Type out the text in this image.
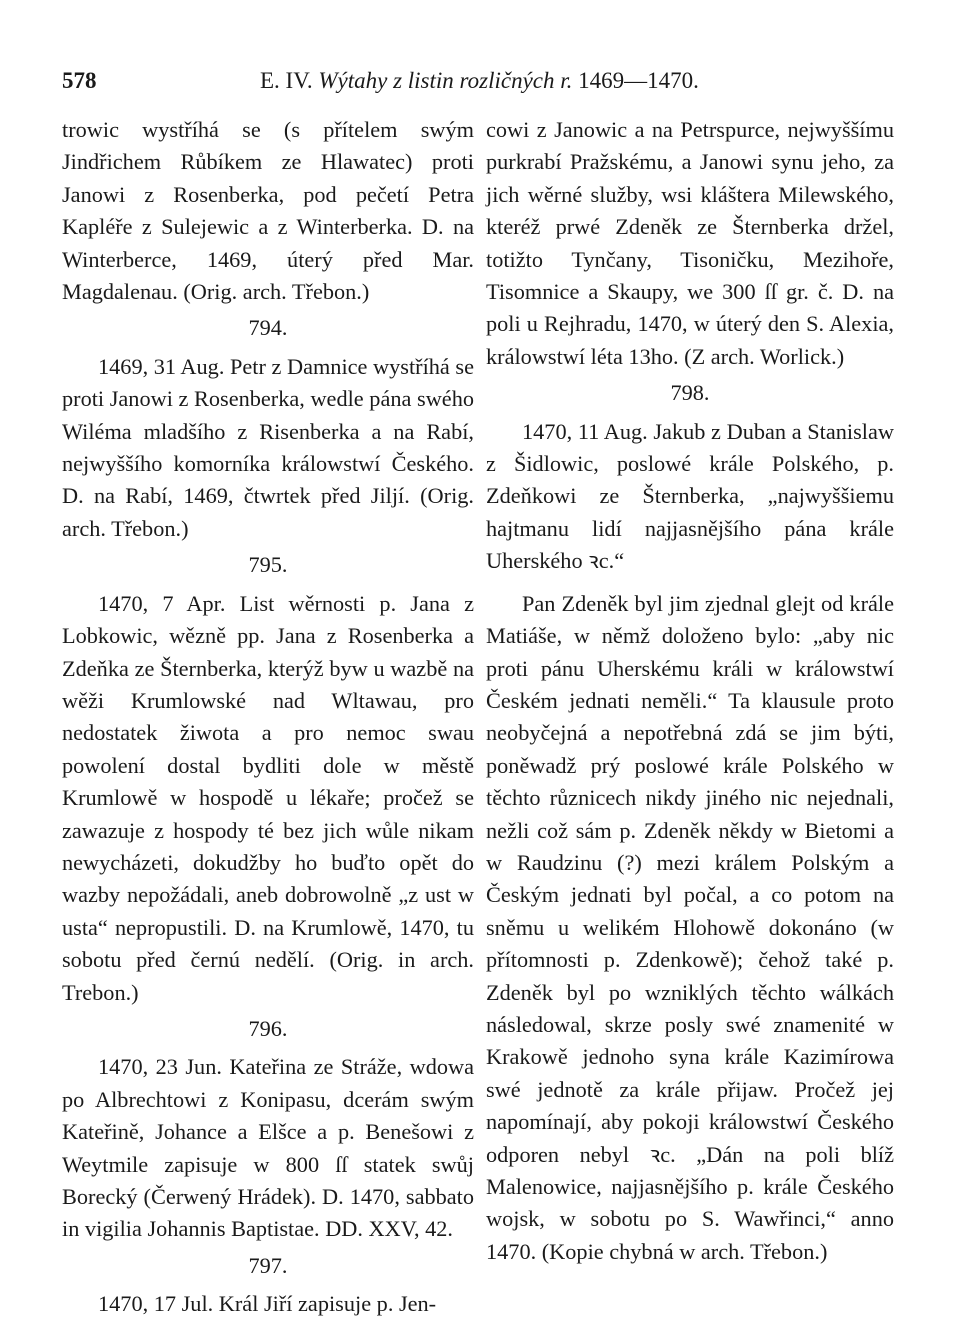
578	E. IV. Wýtahy z listin rozličných r. 1469—1470.

trowic wystříhá se (s přítelem swým Jindřichem Růbíkem ze Hlawatec) proti Janowi z Rosenberka, pod pečetí Petra Kapléře z Sulejewic a z Winterberka. D. na Winterberce, 1469, úterý před Mar. Magdalenau. (Orig. arch. Třebon.)

794.

1469, 31 Aug. Petr z Damnice wystříhá se proti Janowi z Rosenberka, wedle pána swého Wiléma mladšího z Risenberka a na Rabí, nejwyššího komorníka králowstwí Českého. D. na Rabí, 1469, čtwrtek před Jiljí. (Orig. arch. Třebon.)

795.

1470, 7 Apr. List wěrnosti p. Jana z Lobkowic, wězně pp. Jana z Rosenberka a Zdeňka ze Šternberka, kterýž byw u wazbě na wěži Krumlowské nad Wltawau, pro nedostatek žiwota a pro nemoc swau powolení dostal bydliti dole w městě Krumlowě w hospodě u lékaře; pročež se zawazuje z hospody té bez jich wůle nikam newycházeti, dokudžby ho buďto opět do wazby nepožádali, aneb dobrowolně „z ust w usta“ nepropustili. D. na Krumlowě, 1470, tu sobotu před černú nedělí. (Orig. in arch. Trebon.)

796.

1470, 23 Jun. Kateřina ze Stráže, wdowa po Albrechtowi z Konipasu, dcerám swým Kateřině, Johance a Elšce a p. Benešowi z Weytmile zapisuje w 800 ſſ statek swůj Borecký (Čerwený Hrádek). D. 1470, sabbato in vigilia Johannis Baptistae. DD. XXV, 42.

797.

1470, 17 Jul. Král Jiří zapisuje p. Jen-

cowi z Janowic a na Petrspurce, nejwyššímu purkrabí Pražskému, a Janowi synu jeho, za jich wěrné služby, wsi kláštera Milewského, kteréž prwé Zdeněk ze Šternberka držel, totižto Tynčany, Tisoničku, Mezihoře, Tisomnice a Skaupy, we 300 ſſ gr. č. D. na poli u Rejhradu, 1470, w úterý den S. Alexia, králowstwí léta 13ho. (Z arch. Worlick.)

798.

1470, 11 Aug. Jakub z Duban a Stanislaw z Šidlowic, poslowé krále Polského, p. Zdeňkowi ze Šternberka, „najwyššiemu hajtmanu lidí najjasnějšího pána krále Uherského ꝛc.“

Pan Zdeněk byl jim zjednal glejt od krále Matiáše, w němž doloženo bylo: „aby nic proti pánu Uherskému králi w králowstwí Českém jednati neměli.“ Ta klausule proto neobyčejná a nepotřebná zdá se jim býti, poněwadž prý poslowé krále Polského w těchto různicech nikdy jiného nic nejednali, nežli což sám p. Zdeněk někdy w Bietomi a w Raudzinu (?) mezi králem Polským a Českým jednati byl počal, a co potom na sněmu u welikém Hlohowě dokonáno (w přítomnosti p. Zdenkowě); čehož také p. Zdeněk byl po wzniklých těchto wálkách následowal, skrze posly swé znamenité w Krakowě jednoho syna krále Kazimírowa swé jednotě za krále přijaw. Pročež jej napomínají, aby pokoji králowstwí Českého odporen nebyl ꝛc. „Dán na poli blíž Malenowice, najjasnějšího p. krále Českého wojsk, w sobotu po S. Wawřinci,“ anno 1470. (Kopie chybná w arch. Třebon.)
